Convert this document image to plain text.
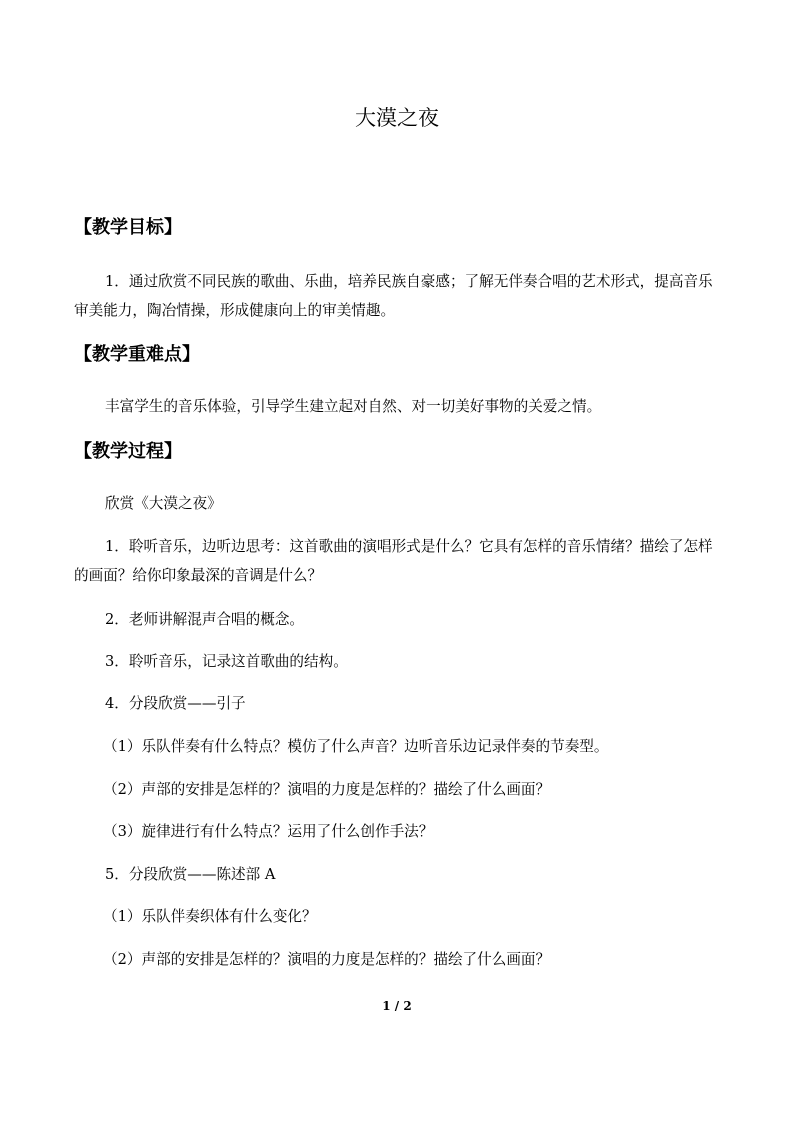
大漠之夜
【教学目标】
1．通过欣赏不同民族的歌曲、乐曲，培养民族自豪感；了解无伴奏合唱的艺术形式，提高音乐审美能力，陶冶情操，形成健康向上的审美情趣。
【教学重难点】
丰富学生的音乐体验，引导学生建立起对自然、对一切美好事物的关爱之情。
【教学过程】
欣赏《大漠之夜》
1．聆听音乐，边听边思考：这首歌曲的演唱形式是什么？它具有怎样的音乐情绪？描绘了怎样的画面？给你印象最深的音调是什么？
2．老师讲解混声合唱的概念。
3．聆听音乐，记录这首歌曲的结构。
4．分段欣赏——引子
（1）乐队伴奏有什么特点？模仿了什么声音？边听音乐边记录伴奏的节奏型。
（2）声部的安排是怎样的？演唱的力度是怎样的？描绘了什么画面？
（3）旋律进行有什么特点？运用了什么创作手法？
5．分段欣赏——陈述部 A
（1）乐队伴奏织体有什么变化？
（2）声部的安排是怎样的？演唱的力度是怎样的？描绘了什么画面？
1 / 2
